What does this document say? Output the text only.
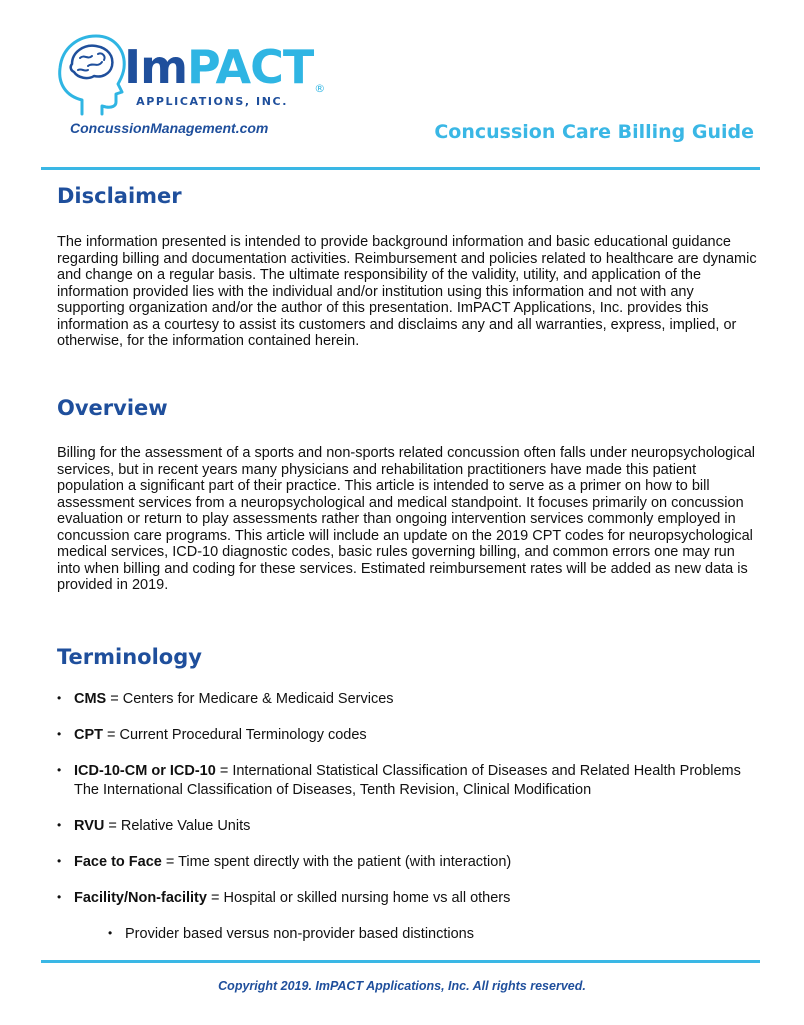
ImPACT®
APPLICATIONS, INC.
ConcussionManagement.com	Concussion Care Billing Guide
Disclaimer

The information presented is intended to provide background information and basic educational guidance regarding billing and documentation activities. Reimbursement and policies related to healthcare are dynamic and change on a regular basis. The ultimate responsibility of the validity, utility, and application of the information provided lies with the individual and/or institution using this information and not with any supporting organization and/or the author of this presentation. ImPACT Applications, Inc. provides this information as a courtesy to assist its customers and disclaims any and all warranties, express, implied, or otherwise, for the information contained herein.

Overview

Billing for the assessment of a sports and non-sports related concussion often falls under neuropsychological services, but in recent years many physicians and rehabilitation practitioners have made this patient population a significant part of their practice. This article is intended to serve as a primer on how to bill assessment services from a neuropsychological and medical standpoint. It focuses primarily on concussion evaluation or return to play assessments rather than ongoing intervention services commonly employed in concussion care programs. This article will include an update on the 2019 CPT codes for neuropsychological medical services, ICD-10 diagnostic codes, basic rules governing billing, and common errors one may run into when billing and coding for these services. Estimated reimbursement rates will be added as new data is provided in 2019.

Terminology
• CMS = Centers for Medicare & Medicaid Services
• CPT = Current Procedural Terminology codes
• ICD-10-CM or ICD-10 = International Statistical Classification of Diseases and Related Health Problems The International Classification of Diseases, Tenth Revision, Clinical Modification
• RVU = Relative Value Units
• Face to Face = Time spent directly with the patient (with interaction)
• Facility/Non-facility = Hospital or skilled nursing home vs all others
• Provider based versus non-provider based distinctions
Copyright 2019. ImPACT Applications, Inc. All rights reserved.
